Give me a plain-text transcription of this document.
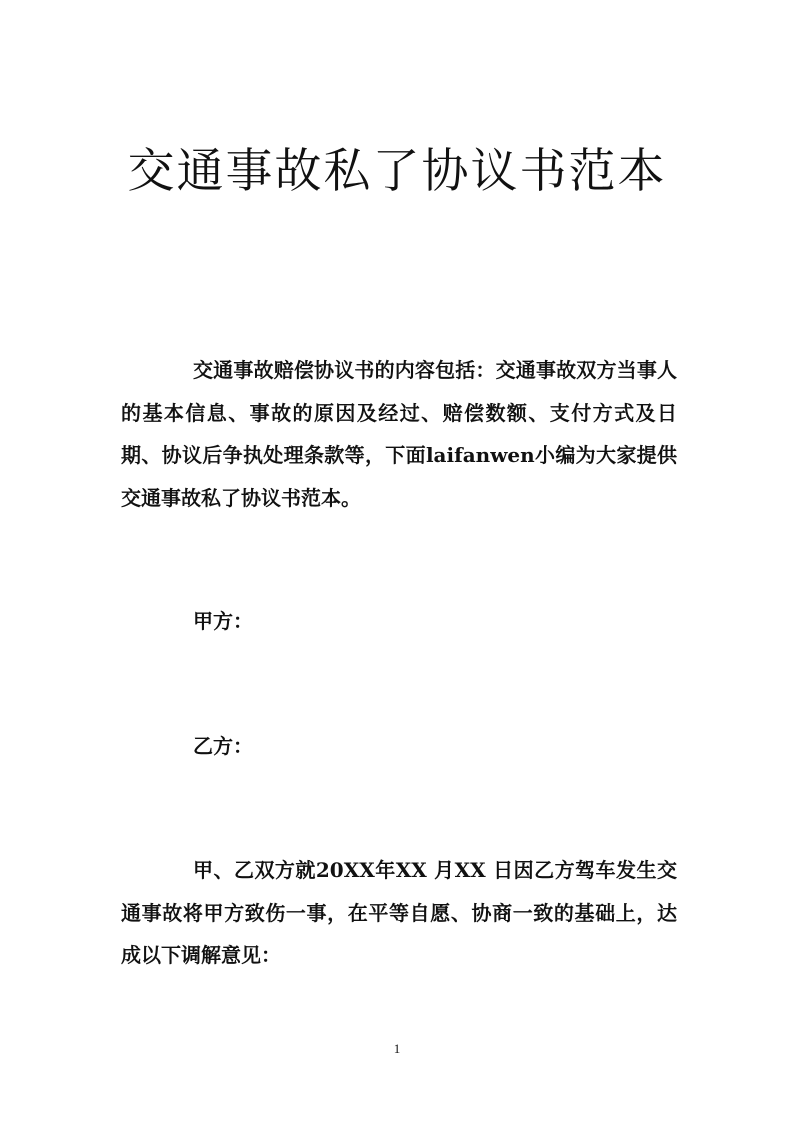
交通事故私了协议书范本

交通事故赔偿协议书的内容包括：交通事故双方当事人的基本信息、事故的原因及经过、赔偿数额、支付方式及日期、协议后争执处理条款等，下面laifanwen小编为大家提供交通事故私了协议书范本。

甲方：

乙方：

甲、乙双方就20XX年XX 月XX 日因乙方驾车发生交通事故将甲方致伤一事，在平等自愿、协商一致的基础上，达成以下调解意见：

1
